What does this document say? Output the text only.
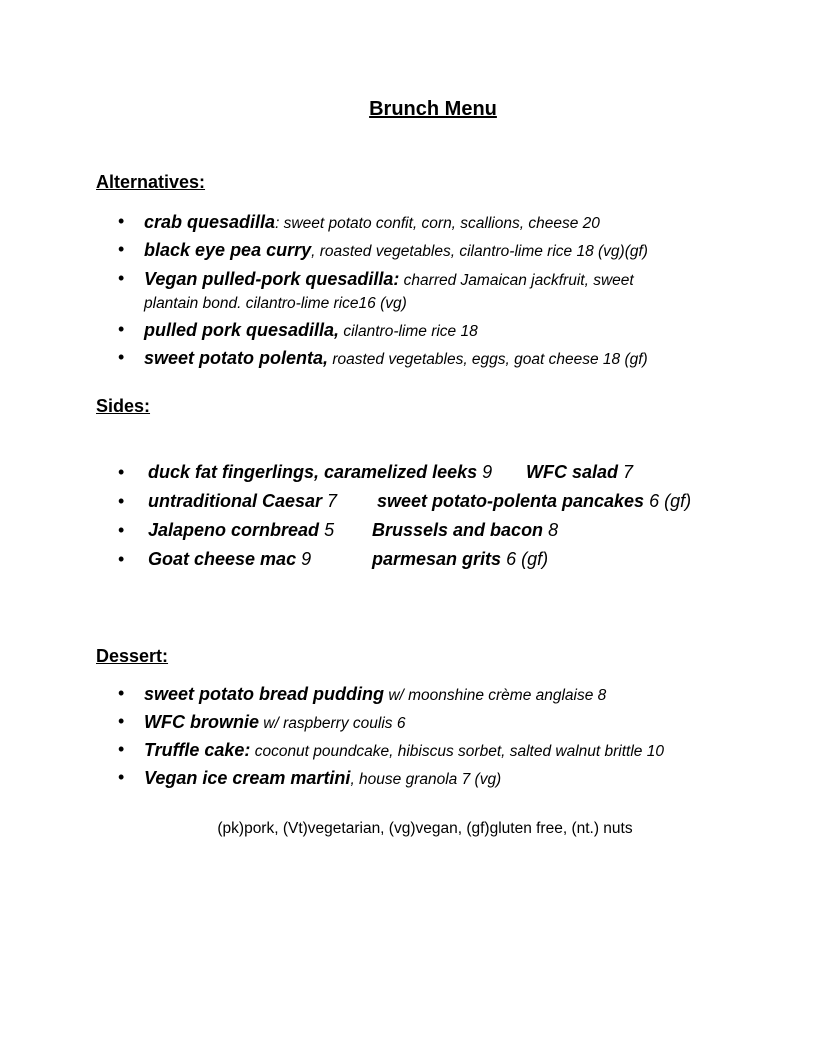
Brunch Menu
Alternatives:
•	crab quesadilla: sweet potato confit, corn, scallions, cheese 20
•	black eye pea curry, roasted vegetables, cilantro-lime rice 18 (vg)(gf)
•	Vegan pulled-pork quesadilla: charred Jamaican jackfruit, sweet plantain bond. cilantro-lime rice16 (vg)
•	pulled pork quesadilla, cilantro-lime rice 18
•	sweet potato polenta, roasted vegetables, eggs, goat cheese 18 (gf)
Sides:
• duck fat fingerlings, caramelized leeks 9 WFC salad 7
• untraditional Caesar 7 sweet potato-polenta pancakes 6 (gf)
• Jalapeno cornbread 5 Brussels and bacon 8
• Goat cheese mac 9	parmesan grits 6 (gf)
Dessert:
•	sweet potato bread pudding w/ moonshine crème anglaise 8
•	WFC brownie w/ raspberry coulis 6
•	Truffle cake: coconut poundcake, hibiscus sorbet, salted walnut brittle 10
•	Vegan ice cream martini, house granola 7 (vg)
(pk)pork, (Vt)vegetarian, (vg)vegan, (gf)gluten free, (nt.) nuts
